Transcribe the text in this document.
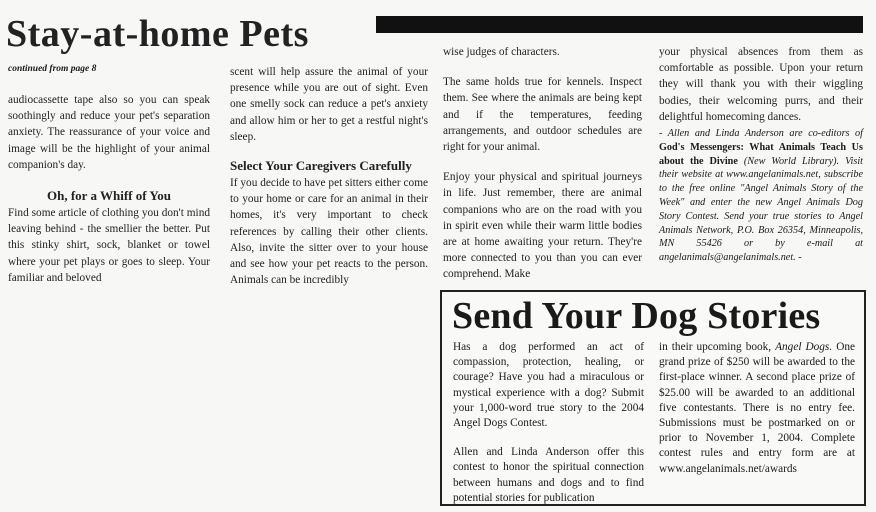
Stay-at-home Pets
continued from page 8

audiocassette tape also so you can speak soothingly and reduce your pet's separation anxiety. The reassurance of your voice and image will be the highlight of your animal companion's day.

Oh, for a Whiff of You

Find some article of clothing you don't mind leaving behind - the smellier the better. Put this stinky shirt, sock, blanket or towel where your pet plays or goes to sleep. Your familiar and beloved

scent will help assure the animal of your presence while you are out of sight. Even one smelly sock can reduce a pet's anxiety and allow him or her to get a restful night's sleep.

Select Your Caregivers Carefully

If you decide to have pet sitters either come to your home or care for an animal in their homes, it's very important to check references by calling their other clients. Also, invite the sitter over to your house and see how your pet reacts to the person. Animals can be incredibly

wise judges of characters.

The same holds true for kennels. Inspect them. See where the animals are being kept and if the temperatures, feeding arrangements, and outdoor schedules are right for your animal.

Enjoy your physical and spiritual journeys in life. Just remember, there are animal companions who are on the road with you in spirit even while their warm little bodies are at home awaiting your return. They're more connected to you than you can ever comprehend. Make

your physical absences from them as comfortable as possible. Upon your return they will thank you with their wiggling bodies, their welcoming purrs, and their delightful homecoming dances.

- Allen and Linda Anderson are co-editors of God's Messengers: What Animals Teach Us about the Divine (New World Library). Visit their website at www.angelanimals.net, subscribe to the free online "Angel Animals Story of the Week" and enter the new Angel Animals Dog Story Contest. Send your true stories to Angel Animals Network, P.O. Box 26354, Minneapolis, MN 55426 or by e-mail at angelanimals@angelanimals.net. -
Send Your Dog Stories

Has a dog performed an act of compassion, protection, healing, or courage? Have you had a miraculous or mystical experience with a dog? Submit your 1,000-word true story to the 2004 Angel Dogs Contest.

Allen and Linda Anderson offer this contest to honor the spiritual connection between humans and dogs and to find potential stories for publication

in their upcoming book, Angel Dogs. One grand prize of $250 will be awarded to the first-place winner. A second place prize of $25.00 will be awarded to an additional five contestants. There is no entry fee. Submissions must be postmarked on or prior to November 1, 2004. Complete contest rules and entry form are at www.angelanimals.net/awards
